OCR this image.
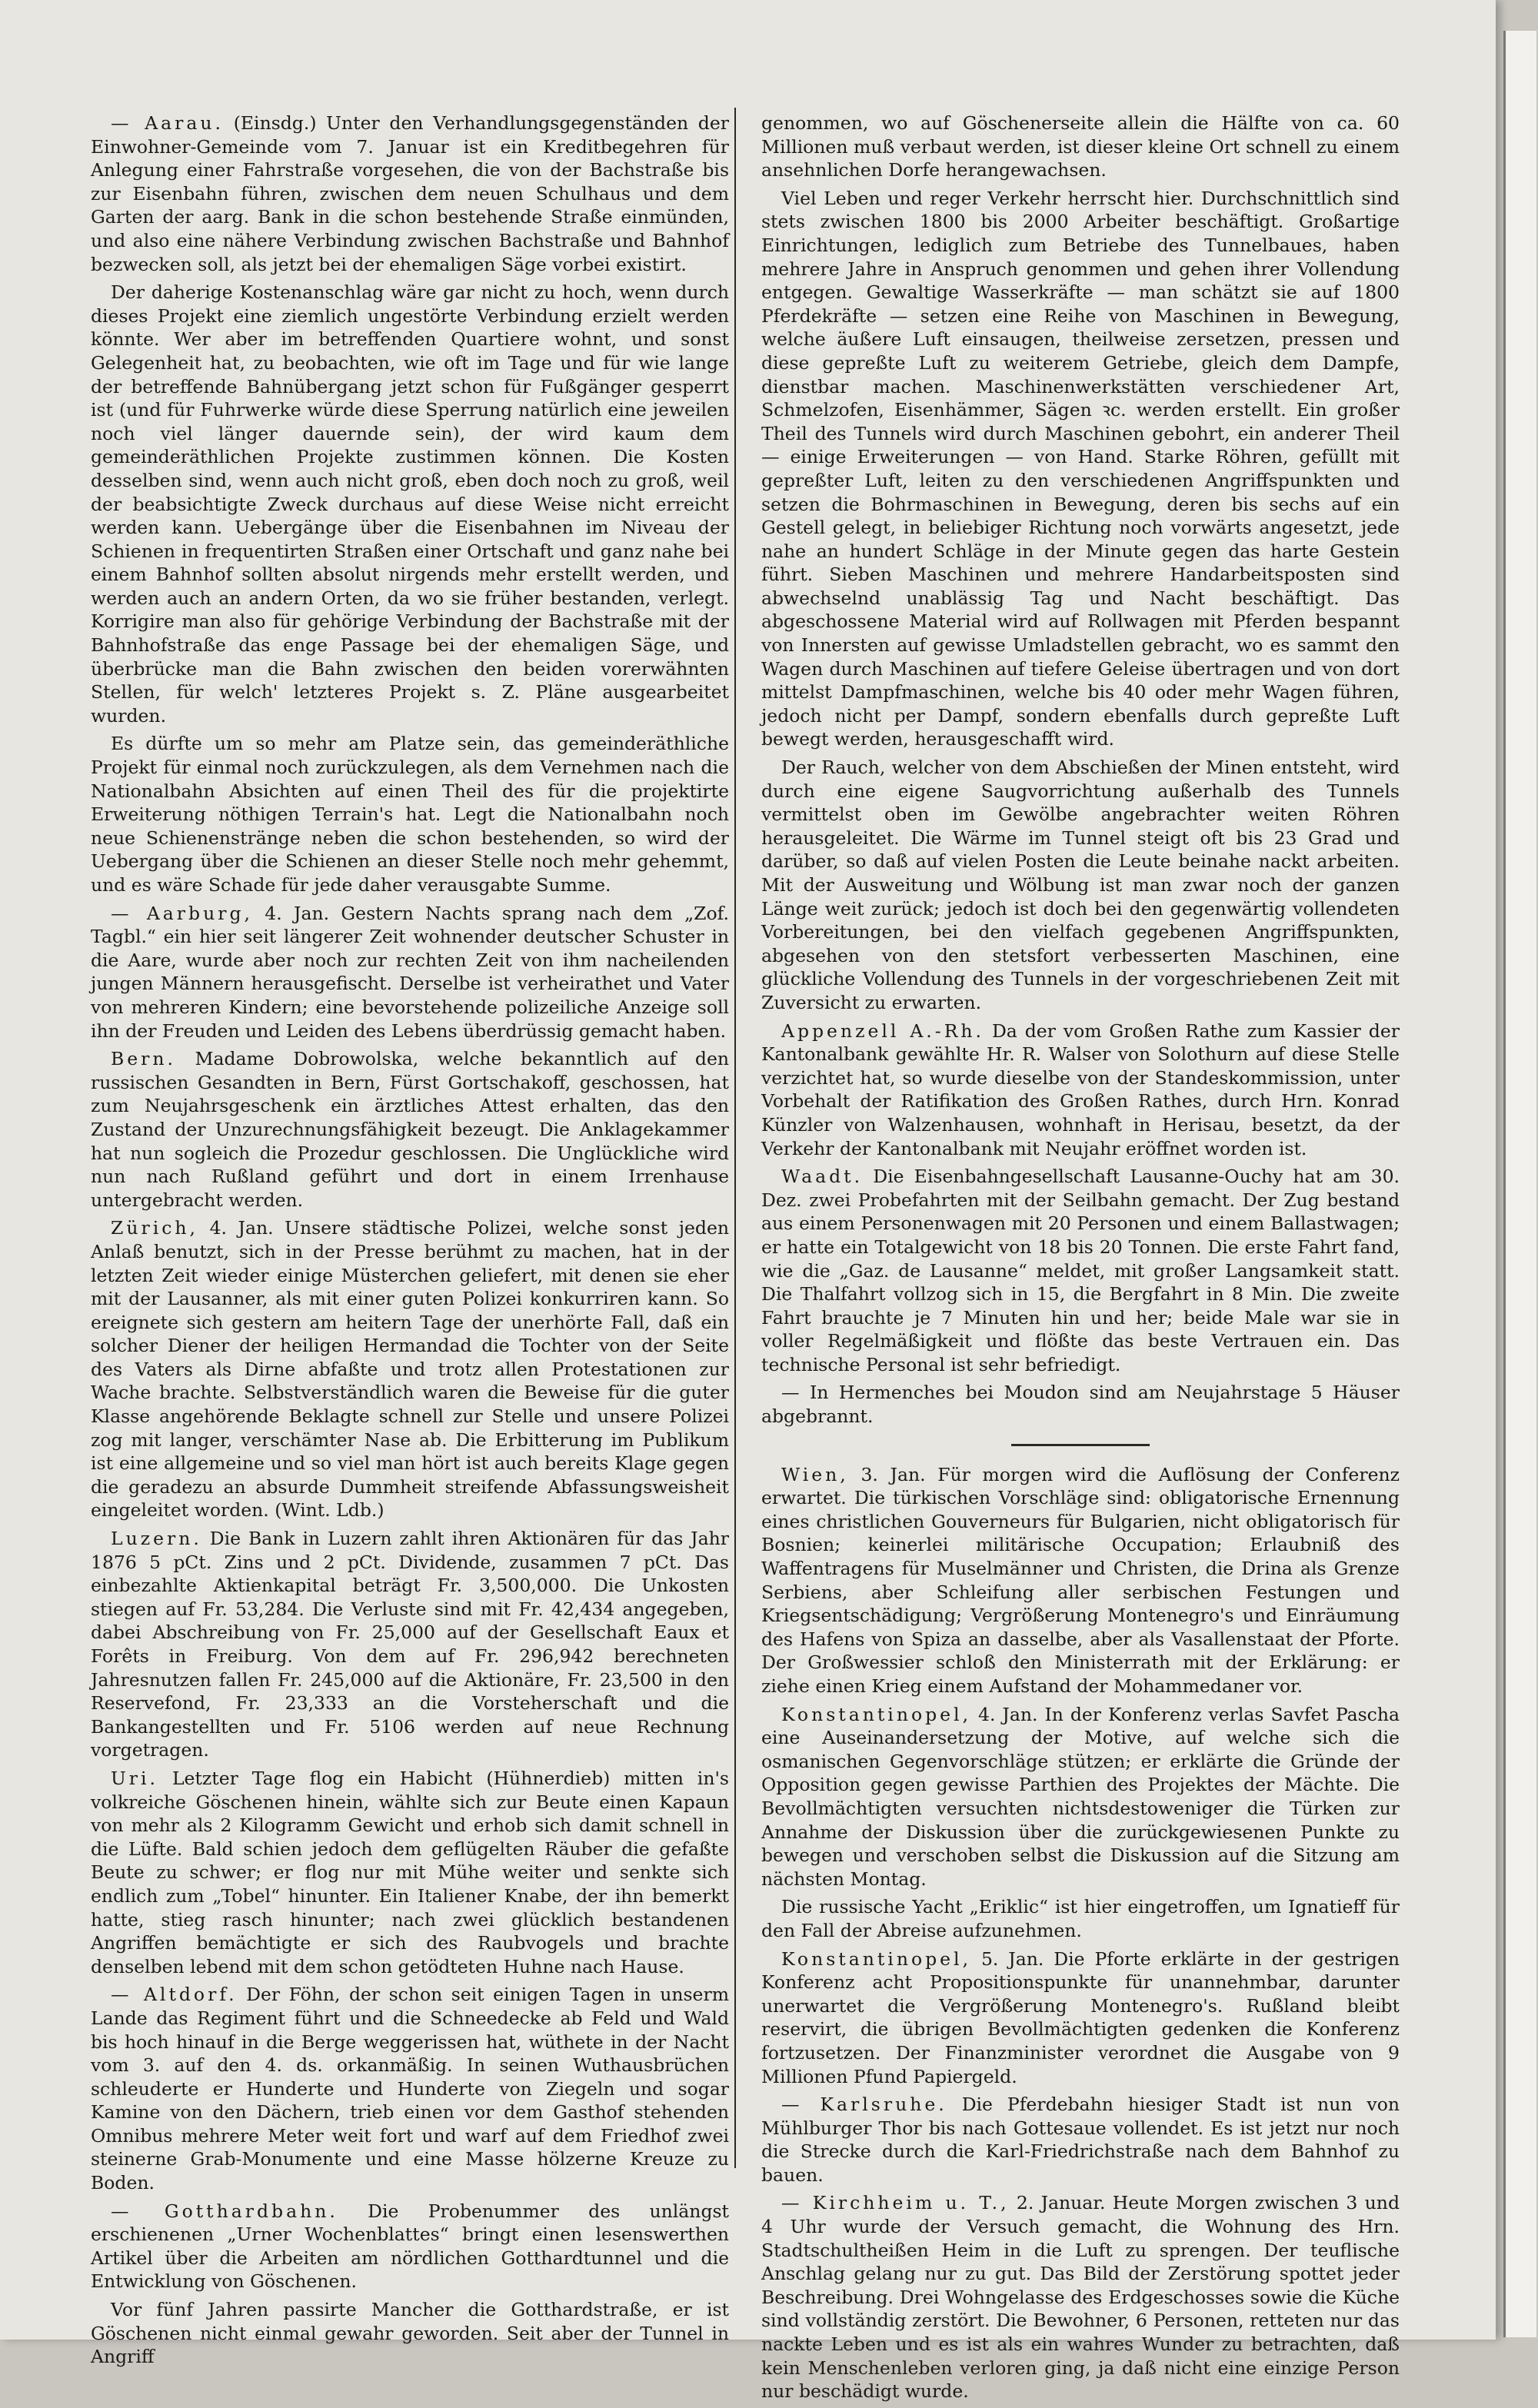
— Aarau. (Einsdg.) Unter den Verhandlungsgegenständen der Einwohner-Gemeinde vom 7. Januar ist ein Kreditbegehren für Anlegung einer Fahrstraße vorgesehen, die von der Bachstraße bis zur Eisenbahn führen, zwischen dem neuen Schulhaus und dem Garten der aarg. Bank in die schon bestehende Straße einmünden, und also eine nähere Verbindung zwischen Bachstraße und Bahnhof bezwecken soll, als jetzt bei der ehemaligen Säge vorbei existirt.

Der daherige Kostenanschlag wäre gar nicht zu hoch, wenn durch dieses Projekt eine ziemlich ungestörte Verbindung erzielt werden könnte. Wer aber im betreffenden Quartiere wohnt, und sonst Gelegenheit hat, zu beobachten, wie oft im Tage und für wie lange der betreffende Bahnübergang jetzt schon für Fußgänger gesperrt ist (und für Fuhrwerke würde diese Sperrung natürlich eine jeweilen noch viel länger dauernde sein), der wird kaum dem gemeinderäthlichen Projekte zustimmen können. Die Kosten desselben sind, wenn auch nicht groß, eben doch noch zu groß, weil der beabsichtigte Zweck durchaus auf diese Weise nicht erreicht werden kann. Uebergänge über die Eisenbahnen im Niveau der Schienen in frequentirten Straßen einer Ortschaft und ganz nahe bei einem Bahnhof sollten absolut nirgends mehr erstellt werden, und werden auch an andern Orten, da wo sie früher bestanden, verlegt. Korrigire man also für gehörige Verbindung der Bachstraße mit der Bahnhofstraße das enge Passage bei der ehemaligen Säge, und überbrücke man die Bahn zwischen den beiden vorerwähnten Stellen, für welch' letzteres Projekt s. Z. Pläne ausgearbeitet wurden.

Es dürfte um so mehr am Platze sein, das gemeinderäthliche Projekt für einmal noch zurückzulegen, als dem Vernehmen nach die Nationalbahn Absichten auf einen Theil des für die projektirte Erweiterung nöthigen Terrain's hat. Legt die Nationalbahn noch neue Schienenstränge neben die schon bestehenden, so wird der Uebergang über die Schienen an dieser Stelle noch mehr gehemmt, und es wäre Schade für jede daher verausgabte Summe.

— Aarburg, 4. Jan. Gestern Nachts sprang nach dem „Zof. Tagbl.“ ein hier seit längerer Zeit wohnender deutscher Schuster in die Aare, wurde aber noch zur rechten Zeit von ihm nacheilenden jungen Männern herausgefischt. Derselbe ist verheirathet und Vater von mehreren Kindern; eine bevorstehende polizeiliche Anzeige soll ihn der Freuden und Leiden des Lebens überdrüssig gemacht haben.

Bern. Madame Dobrowolska, welche bekanntlich auf den russischen Gesandten in Bern, Fürst Gortschakoff, geschossen, hat zum Neujahrsgeschenk ein ärztliches Attest erhalten, das den Zustand der Unzurechnungsfähigkeit bezeugt. Die Anklagekammer hat nun sogleich die Prozedur geschlossen. Die Unglückliche wird nun nach Rußland geführt und dort in einem Irrenhause untergebracht werden.

Zürich, 4. Jan. Unsere städtische Polizei, welche sonst jeden Anlaß benutzt, sich in der Presse berühmt zu machen, hat in der letzten Zeit wieder einige Müsterchen geliefert, mit denen sie eher mit der Lausanner, als mit einer guten Polizei konkurriren kann. So ereignete sich gestern am heitern Tage der unerhörte Fall, daß ein solcher Diener der heiligen Hermandad die Tochter von der Seite des Vaters als Dirne abfaßte und trotz allen Protestationen zur Wache brachte. Selbstverständlich waren die Beweise für die guter Klasse angehörende Beklagte schnell zur Stelle und unsere Polizei zog mit langer, verschämter Nase ab. Die Erbitterung im Publikum ist eine allgemeine und so viel man hört ist auch bereits Klage gegen die geradezu an absurde Dummheit streifende Abfassungsweisheit eingeleitet worden. (Wint. Ldb.)

Luzern. Die Bank in Luzern zahlt ihren Aktionären für das Jahr 1876 5 pCt. Zins und 2 pCt. Dividende, zusammen 7 pCt. Das einbezahlte Aktienkapital beträgt Fr. 3,500,000. Die Unkosten stiegen auf Fr. 53,284. Die Verluste sind mit Fr. 42,434 angegeben, dabei Abschreibung von Fr. 25,000 auf der Gesellschaft Eaux et Forêts in Freiburg. Von dem auf Fr. 296,942 berechneten Jahresnutzen fallen Fr. 245,000 auf die Aktionäre, Fr. 23,500 in den Reservefond, Fr. 23,333 an die Vorsteherschaft und die Bankangestellten und Fr. 5106 werden auf neue Rechnung vorgetragen.

Uri. Letzter Tage flog ein Habicht (Hühnerdieb) mitten in's volkreiche Göschenen hinein, wählte sich zur Beute einen Kapaun von mehr als 2 Kilogramm Gewicht und erhob sich damit schnell in die Lüfte. Bald schien jedoch dem geflügelten Räuber die gefaßte Beute zu schwer; er flog nur mit Mühe weiter und senkte sich endlich zum „Tobel“ hinunter. Ein Italiener Knabe, der ihn bemerkt hatte, stieg rasch hinunter; nach zwei glücklich bestandenen Angriffen bemächtigte er sich des Raubvogels und brachte denselben lebend mit dem schon getödteten Huhne nach Hause.

— Altdorf. Der Föhn, der schon seit einigen Tagen in unserm Lande das Regiment führt und die Schneedecke ab Feld und Wald bis hoch hinauf in die Berge weggerissen hat, wüthete in der Nacht vom 3. auf den 4. ds. orkanmäßig. In seinen Wuthausbrüchen schleuderte er Hunderte und Hunderte von Ziegeln und sogar Kamine von den Dächern, trieb einen vor dem Gasthof stehenden Omnibus mehrere Meter weit fort und warf auf dem Friedhof zwei steinerne Grab-Monumente und eine Masse hölzerne Kreuze zu Boden.

— Gotthardbahn. Die Probenummer des unlängst erschienenen „Urner Wochenblattes“ bringt einen lesenswerthen Artikel über die Arbeiten am nördlichen Gotthardtunnel und die Entwicklung von Göschenen.

Vor fünf Jahren passirte Mancher die Gotthardstraße, er ist Göschenen nicht einmal gewahr geworden. Seit aber der Tunnel in Angriff

genommen, wo auf Göschenerseite allein die Hälfte von ca. 60 Millionen muß verbaut werden, ist dieser kleine Ort schnell zu einem ansehnlichen Dorfe herangewachsen.

Viel Leben und reger Verkehr herrscht hier. Durchschnittlich sind stets zwischen 1800 bis 2000 Arbeiter beschäftigt. Großartige Einrichtungen, lediglich zum Betriebe des Tunnelbaues, haben mehrere Jahre in Anspruch genommen und gehen ihrer Vollendung entgegen. Gewaltige Wasserkräfte — man schätzt sie auf 1800 Pferdekräfte — setzen eine Reihe von Maschinen in Bewegung, welche äußere Luft einsaugen, theilweise zersetzen, pressen und diese gepreßte Luft zu weiterem Getriebe, gleich dem Dampfe, dienstbar machen. Maschinenwerkstätten verschiedener Art, Schmelzofen, Eisenhämmer, Sägen ꝛc. werden erstellt. Ein großer Theil des Tunnels wird durch Maschinen gebohrt, ein anderer Theil — einige Erweiterungen — von Hand. Starke Röhren, gefüllt mit gepreßter Luft, leiten zu den verschiedenen Angriffspunkten und setzen die Bohrmaschinen in Bewegung, deren bis sechs auf ein Gestell gelegt, in beliebiger Richtung noch vorwärts angesetzt, jede nahe an hundert Schläge in der Minute gegen das harte Gestein führt. Sieben Maschinen und mehrere Handarbeitsposten sind abwechselnd unablässig Tag und Nacht beschäftigt. Das abgeschossene Material wird auf Rollwagen mit Pferden bespannt von Innersten auf gewisse Umladstellen gebracht, wo es sammt den Wagen durch Maschinen auf tiefere Geleise übertragen und von dort mittelst Dampfmaschinen, welche bis 40 oder mehr Wagen führen, jedoch nicht per Dampf, sondern ebenfalls durch gepreßte Luft bewegt werden, herausgeschafft wird.

Der Rauch, welcher von dem Abschießen der Minen entsteht, wird durch eine eigene Saugvorrichtung außerhalb des Tunnels vermittelst oben im Gewölbe angebrachter weiten Röhren herausgeleitet. Die Wärme im Tunnel steigt oft bis 23 Grad und darüber, so daß auf vielen Posten die Leute beinahe nackt arbeiten. Mit der Ausweitung und Wölbung ist man zwar noch der ganzen Länge weit zurück; jedoch ist doch bei den gegenwärtig vollendeten Vorbereitungen, bei den vielfach gegebenen Angriffspunkten, abgesehen von den stetsfort verbesserten Maschinen, eine glückliche Vollendung des Tunnels in der vorgeschriebenen Zeit mit Zuversicht zu erwarten.

Appenzell A.-Rh. Da der vom Großen Rathe zum Kassier der Kantonalbank gewählte Hr. R. Walser von Solothurn auf diese Stelle verzichtet hat, so wurde dieselbe von der Standeskommission, unter Vorbehalt der Ratifikation des Großen Rathes, durch Hrn. Konrad Künzler von Walzenhausen, wohnhaft in Herisau, besetzt, da der Verkehr der Kantonalbank mit Neujahr eröffnet worden ist.

Waadt. Die Eisenbahngesellschaft Lausanne-Ouchy hat am 30. Dez. zwei Probefahrten mit der Seilbahn gemacht. Der Zug bestand aus einem Personenwagen mit 20 Personen und einem Ballastwagen; er hatte ein Totalgewicht von 18 bis 20 Tonnen. Die erste Fahrt fand, wie die „Gaz. de Lausanne“ meldet, mit großer Langsamkeit statt. Die Thalfahrt vollzog sich in 15, die Bergfahrt in 8 Min. Die zweite Fahrt brauchte je 7 Minuten hin und her; beide Male war sie in voller Regelmäßigkeit und flößte das beste Vertrauen ein. Das technische Personal ist sehr befriedigt.

— In Hermenches bei Moudon sind am Neujahrstage 5 Häuser abgebrannt.

Wien, 3. Jan. Für morgen wird die Auflösung der Conferenz erwartet. Die türkischen Vorschläge sind: obligatorische Ernennung eines christlichen Gouverneurs für Bulgarien, nicht obligatorisch für Bosnien; keinerlei militärische Occupation; Erlaubniß des Waffentragens für Muselmänner und Christen, die Drina als Grenze Serbiens, aber Schleifung aller serbischen Festungen und Kriegsentschädigung; Vergrößerung Montenegro's und Einräumung des Hafens von Spiza an dasselbe, aber als Vasallenstaat der Pforte. Der Großwessier schloß den Ministerrath mit der Erklärung: er ziehe einen Krieg einem Aufstand der Mohammedaner vor.

Konstantinopel, 4. Jan. In der Konferenz verlas Savfet Pascha eine Auseinandersetzung der Motive, auf welche sich die osmanischen Gegenvorschläge stützen; er erklärte die Gründe der Opposition gegen gewisse Parthien des Projektes der Mächte. Die Bevollmächtigten versuchten nichtsdestoweniger die Türken zur Annahme der Diskussion über die zurückgewiesenen Punkte zu bewegen und verschoben selbst die Diskussion auf die Sitzung am nächsten Montag.

Die russische Yacht „Eriklic“ ist hier eingetroffen, um Ignatieff für den Fall der Abreise aufzunehmen.

Konstantinopel, 5. Jan. Die Pforte erklärte in der gestrigen Konferenz acht Propositionspunkte für unannehmbar, darunter unerwartet die Vergrößerung Montenegro's. Rußland bleibt reservirt, die übrigen Bevollmächtigten gedenken die Konferenz fortzusetzen. Der Finanzminister verordnet die Ausgabe von 9 Millionen Pfund Papiergeld.

— Karlsruhe. Die Pferdebahn hiesiger Stadt ist nun von Mühlburger Thor bis nach Gottesaue vollendet. Es ist jetzt nur noch die Strecke durch die Karl-Friedrichstraße nach dem Bahnhof zu bauen.

— Kirchheim u. T., 2. Januar. Heute Morgen zwischen 3 und 4 Uhr wurde der Versuch gemacht, die Wohnung des Hrn. Stadtschultheißen Heim in die Luft zu sprengen. Der teuflische Anschlag gelang nur zu gut. Das Bild der Zerstörung spottet jeder Beschreibung. Drei Wohngelasse des Erdgeschosses sowie die Küche sind vollständig zerstört. Die Bewohner, 6 Personen, retteten nur das nackte Leben und es ist als ein wahres Wunder zu betrachten, daß kein Menschenleben verloren ging, ja daß nicht eine einzige Person nur beschädigt wurde.
